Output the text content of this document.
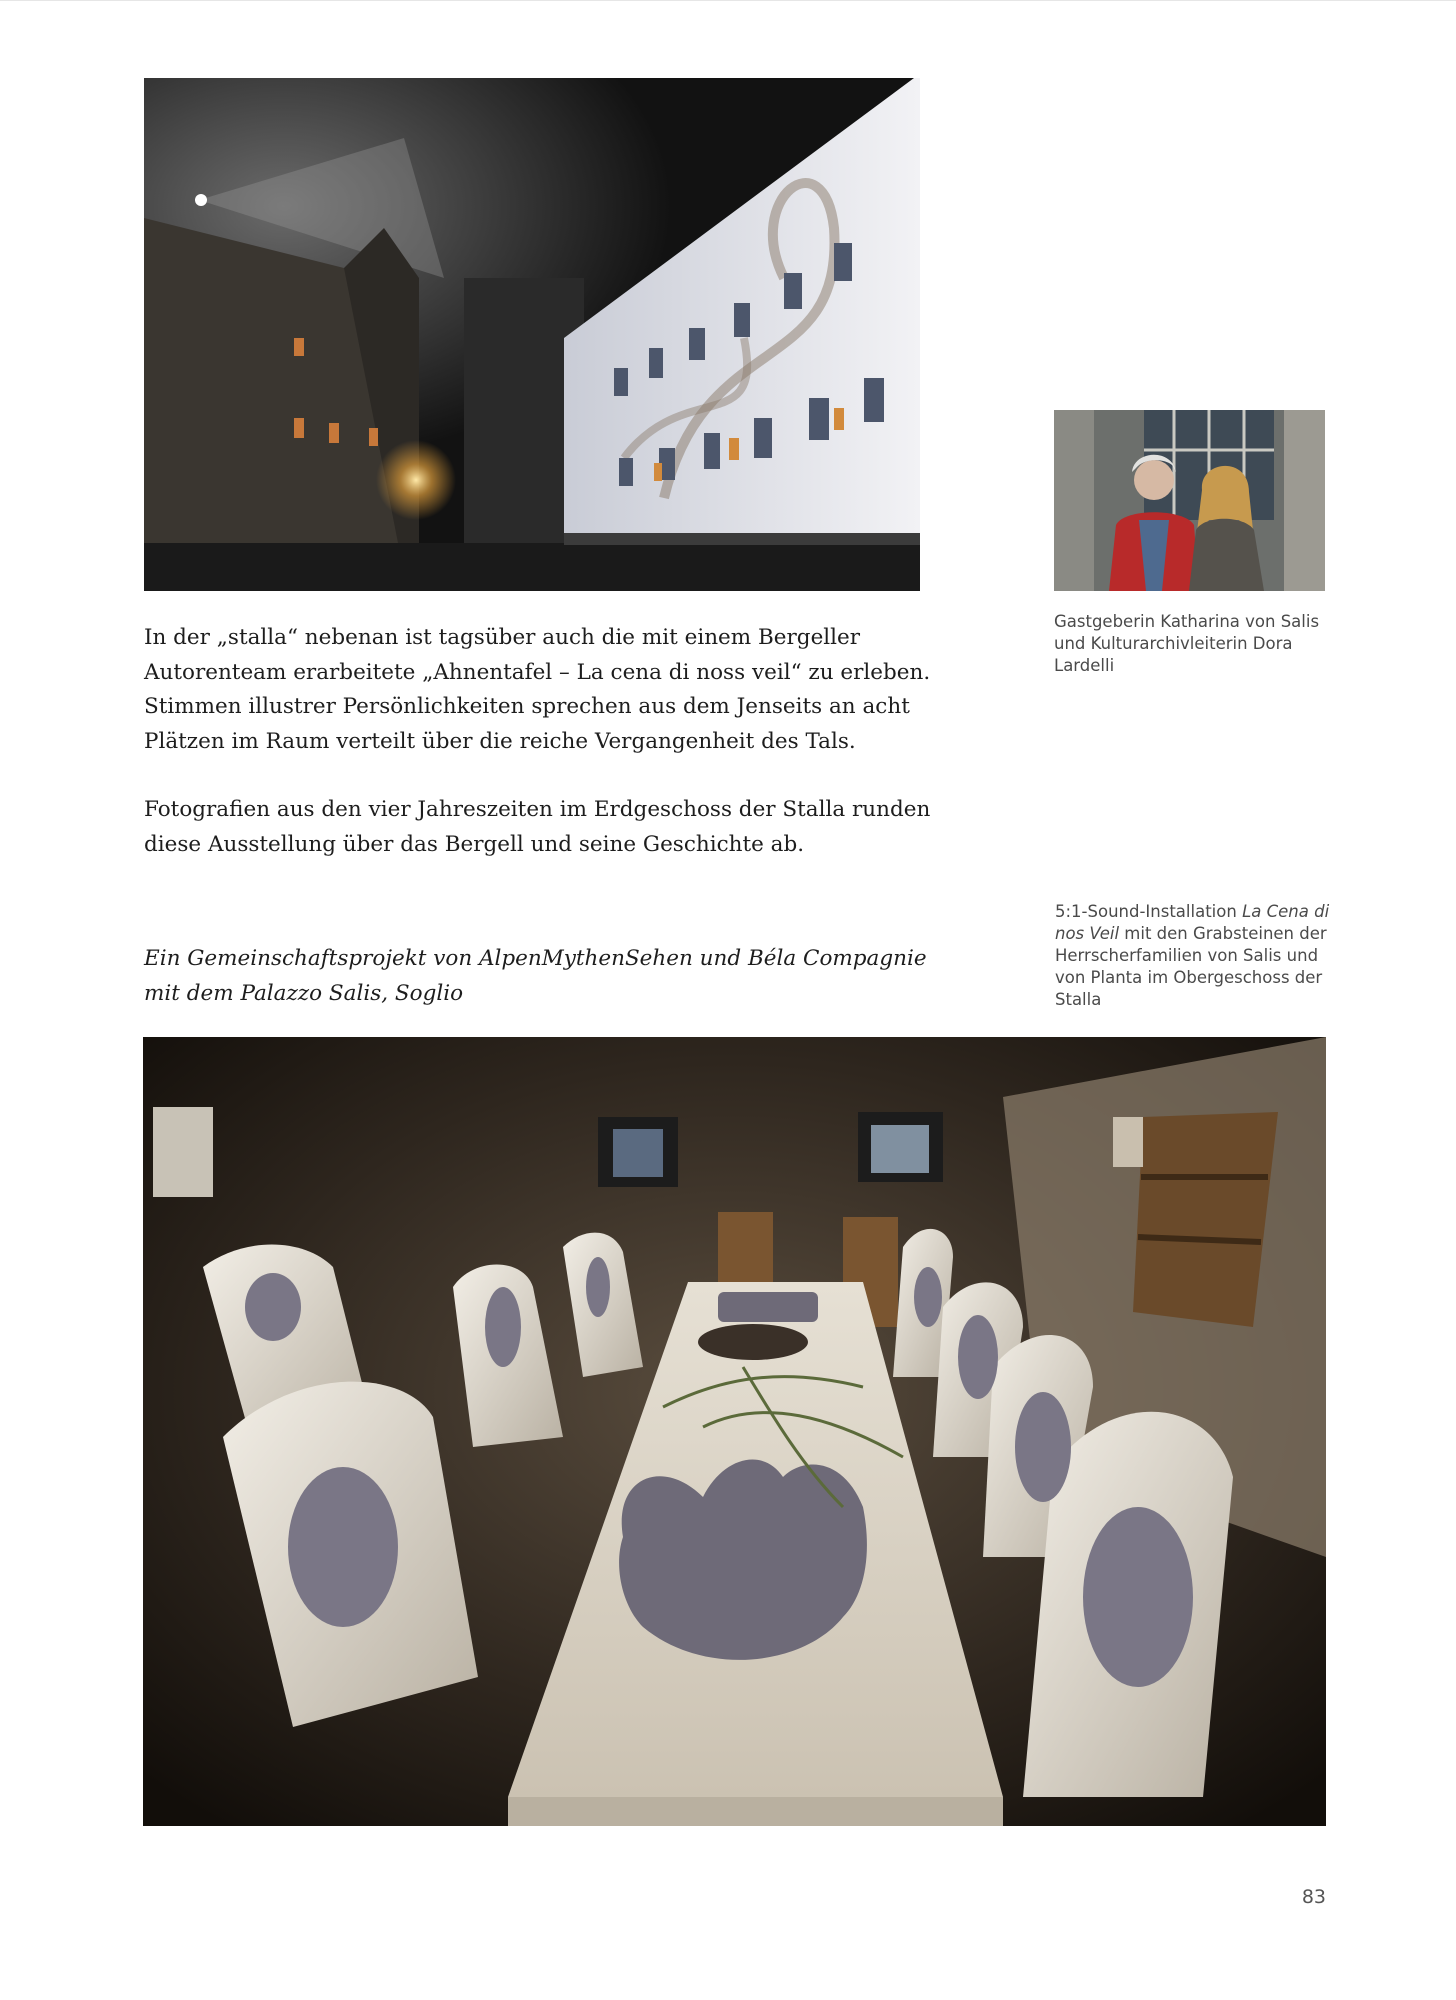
In der „stalla“ nebenan ist tagsüber auch die mit einem Bergeller Autorenteam erarbeitete „Ahnentafel – La cena di noss veil“ zu erleben. Stimmen illustrer Persönlichkeiten sprechen aus dem Jenseits an acht Plätzen im Raum verteilt über die reiche Vergangenheit des Tals.

Fotografien aus den vier Jahreszeiten im Erdgeschoss der Stalla runden diese Ausstellung über das Bergell und seine Geschichte ab.

Ein Gemeinschaftsprojekt von AlpenMythenSehen und Béla Compagnie mit dem Palazzo Salis, Soglio

Gastgeberin Katharina von Salis und Kulturarchivleiterin Dora Lardelli

5:1-Sound-Installation La Cena di nos Veil mit den Grabsteinen der Herrscherfamilien von Salis und von Planta im Obergeschoss der Stalla

83
